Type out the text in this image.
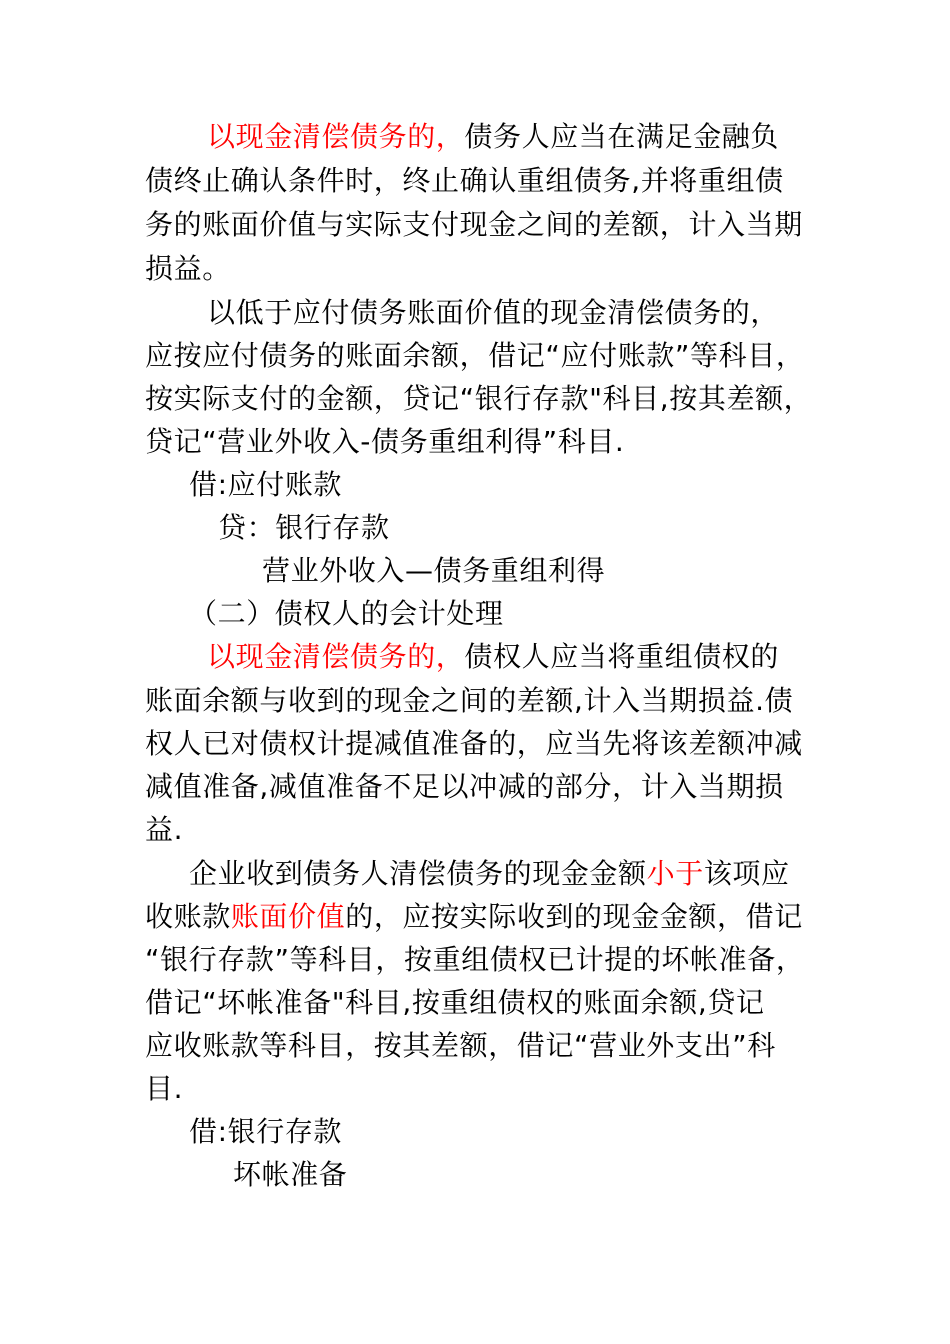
以现金清偿债务的，债务人应当在满足金融负
债终止确认条件时，终止确认重组债务,并将重组债
务的账面价值与实际支付现金之间的差额，计入当期
损益。
以低于应付债务账面价值的现金清偿债务的，
应按应付债务的账面余额，借记“应付账款”等科目，
按实际支付的金额，贷记“银行存款"科目,按其差额，
贷记“营业外收入-债务重组利得”科目.
借:应付账款
贷：银行存款
营业外收入—债务重组利得
（二）债权人的会计处理
以现金清偿债务的，债权人应当将重组债权的
账面余额与收到的现金之间的差额,计入当期损益.债
权人已对债权计提减值准备的，应当先将该差额冲减
减值准备,减值准备不足以冲减的部分，计入当期损
益.
企业收到债务人清偿债务的现金金额小于该项应
收账款账面价值的，应按实际收到的现金金额，借记
“银行存款”等科目，按重组债权已计提的坏帐准备，
借记“坏帐准备"科目,按重组债权的账面余额,贷记
应收账款等科目，按其差额，借记“营业外支出”科
目.
借:银行存款
坏帐准备
